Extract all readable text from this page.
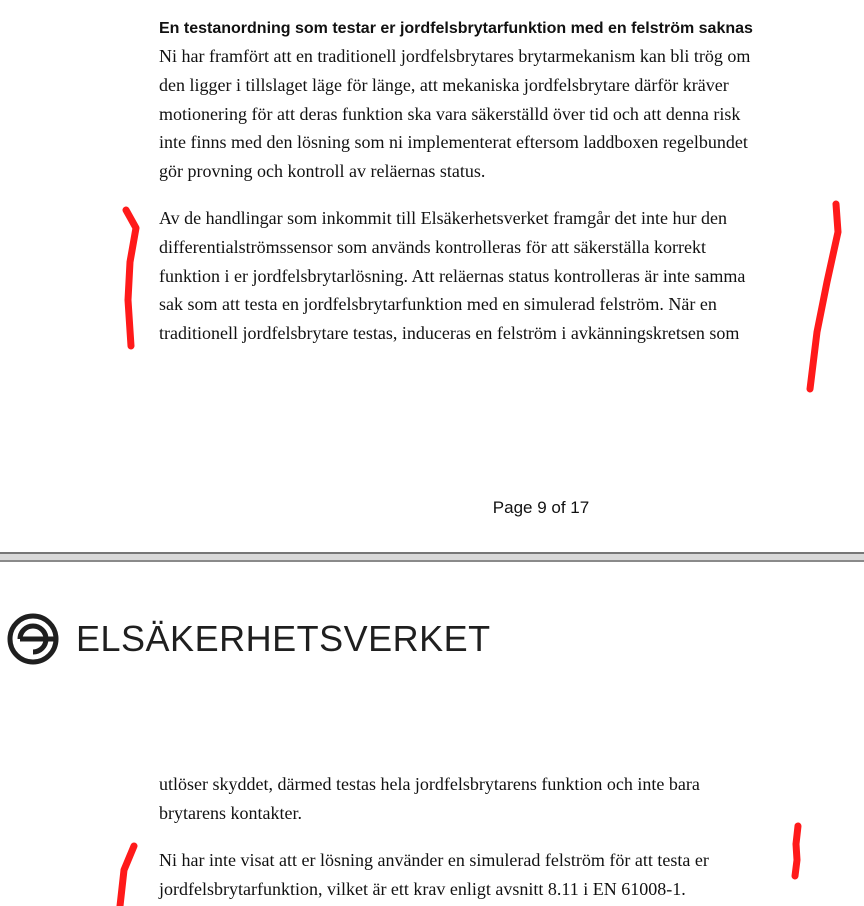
En testanordning som testar er jordfelsbrytarfunktion med en felström saknas

Ni har framfört att en traditionell jordfelsbrytares brytarmekanism kan bli trög om
den ligger i tillslaget läge för länge, att mekaniska jordfelsbrytare därför kräver
motionering för att deras funktion ska vara säkerställd över tid och att denna risk
inte finns med den lösning som ni implementerat eftersom laddboxen regelbundet
gör provning och kontroll av reläernas status.

Av de handlingar som inkommit till Elsäkerhetsverket framgår det inte hur den
differentialströmssensor som används kontrolleras för att säkerställa korrekt
funktion i er jordfelsbrytarlösning. Att reläernas status kontrolleras är inte samma
sak som att testa en jordfelsbrytarfunktion med en simulerad felström. När en
traditionell jordfelsbrytare testas, induceras en felström i avkänningskretsen som

Page 9 of 17
ELSÄKERHETSVERKET

utlöser skyddet, därmed testas hela jordfelsbrytarens funktion och inte bara
brytarens kontakter.

Ni har inte visat att er lösning använder en simulerad felström för att testa er
jordfelsbrytarfunktion, vilket är ett krav enligt avsnitt 8.11 i EN 61008-1.
